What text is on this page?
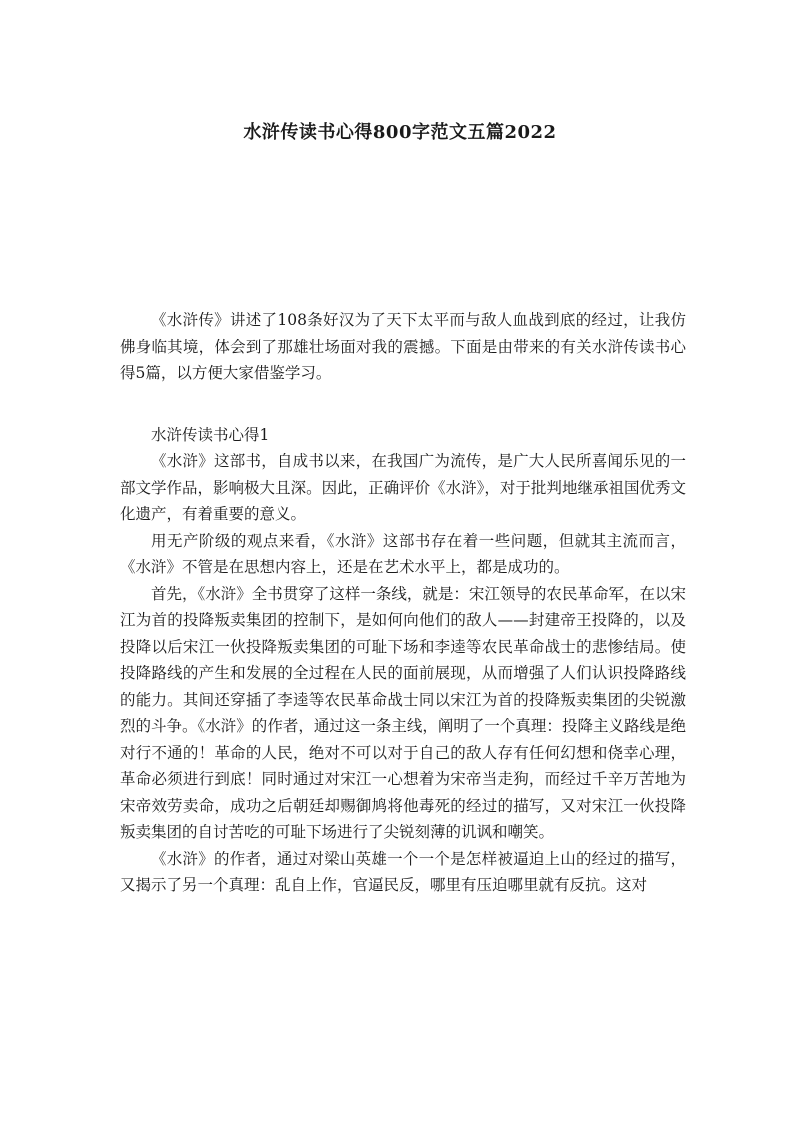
水浒传读书心得800字范文五篇2022

《水浒传》讲述了108条好汉为了天下太平而与敌人血战到底的经过，让我仿佛身临其境，体会到了那雄壮场面对我的震撼。下面是由带来的有关水浒传读书心得5篇，以方便大家借鉴学习。

水浒传读书心得1

《水浒》这部书，自成书以来，在我国广为流传，是广大人民所喜闻乐见的一部文学作品，影响极大且深。因此，正确评价《水浒》，对于批判地继承祖国优秀文化遗产，有着重要的意义。

用无产阶级的观点来看，《水浒》这部书存在着一些问题，但就其主流而言，《水浒》不管是在思想内容上，还是在艺术水平上，都是成功的。

首先，《水浒》全书贯穿了这样一条线，就是：宋江领导的农民革命军，在以宋江为首的投降叛卖集团的控制下，是如何向他们的敌人——封建帝王投降的，以及投降以后宋江一伙投降叛卖集团的可耻下场和李逵等农民革命战士的悲惨结局。使投降路线的产生和发展的全过程在人民的面前展现，从而增强了人们认识投降路线的能力。其间还穿插了李逵等农民革命战士同以宋江为首的投降叛卖集团的尖锐激烈的斗争。《水浒》的作者，通过这一条主线，阐明了一个真理：投降主义路线是绝对行不通的！革命的人民，绝对不可以对于自己的敌人存有任何幻想和侥幸心理，革命必须进行到底！同时通过对宋江一心想着为宋帝当走狗，而经过千辛万苦地为宋帝效劳卖命，成功之后朝廷却赐御鸠将他毒死的经过的描写，又对宋江一伙投降叛卖集团的自讨苦吃的可耻下场进行了尖锐刻薄的讥讽和嘲笑。

《水浒》的作者，通过对梁山英雄一个一个是怎样被逼迫上山的经过的描写，又揭示了另一个真理：乱自上作，官逼民反，哪里有压迫哪里就有反抗。这对
